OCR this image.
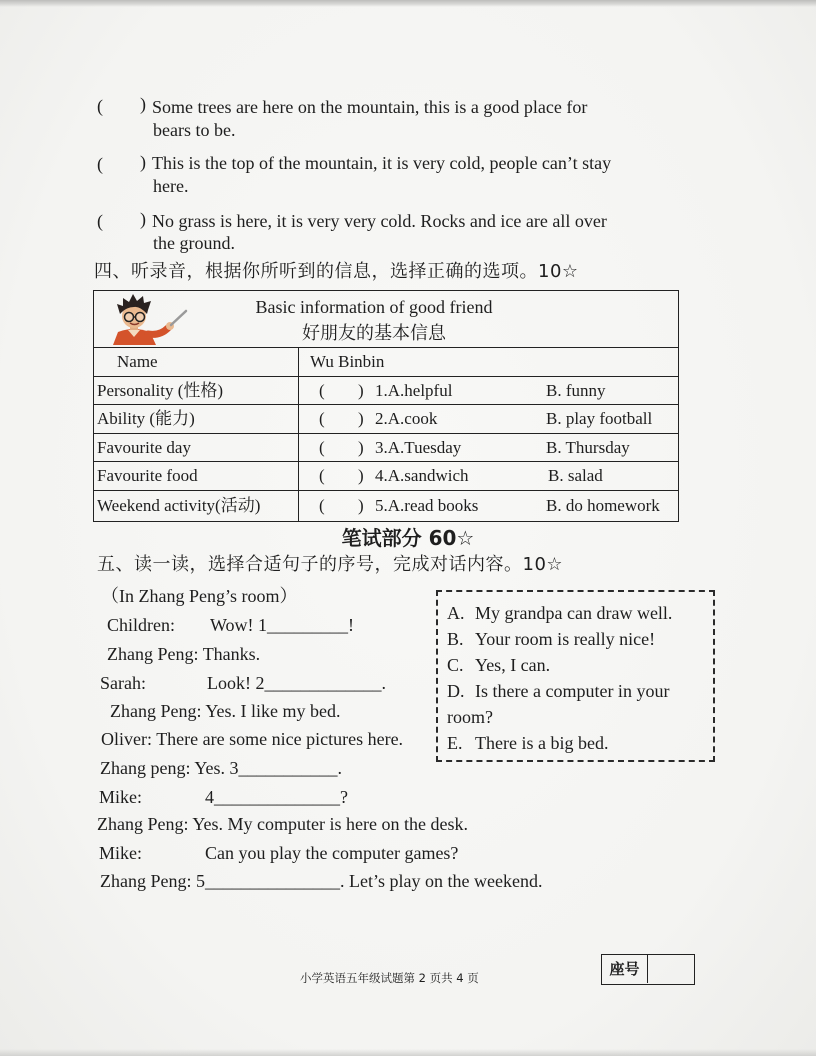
( ) Some trees are here on the mountain, this is a good place for
bears to be.
( ) This is the top of the mountain, it is very cold, people can’t stay
here.
( ) No grass is here, it is very very cold. Rocks and ice are all over
the ground.
四、听录音，根据你所听到的信息，选择正确的选项。10☆
Basic information of good friend
好朋友的基本信息
Name	Wu Binbin
Personality (性格)	( ) 1.A.helpful	B. funny
Ability (能力)	( ) 2.A.cook	B. play football
Favourite day	( ) 3.A.Tuesday	B. Thursday
Favourite food	( ) 4.A.sandwich	B. salad
Weekend activity(活动)	( ) 5.A.read books	B. do homework
笔试部分 60☆
五、读一读，选择合适句子的序号，完成对话内容。10☆
（In Zhang Peng’s room）
Children: Wow! 1_________!
Zhang Peng: Thanks.
Sarah:	Look! 2_____________.
Zhang Peng: Yes. I like my bed.
Oliver: There are some nice pictures here.
Zhang peng: Yes. 3___________.
Mike:	4______________?
Zhang Peng: Yes. My computer is here on the desk.
Mike:	Can you play the computer games?
Zhang Peng: 5_______________. Let’s play on the weekend.
A. My grandpa can draw well.
B. Your room is really nice!
C. Yes, I can.
D. Is there a computer in your
room?
E. There is a big bed.
小学英语五年级试题第 2 页共 4 页	座号
